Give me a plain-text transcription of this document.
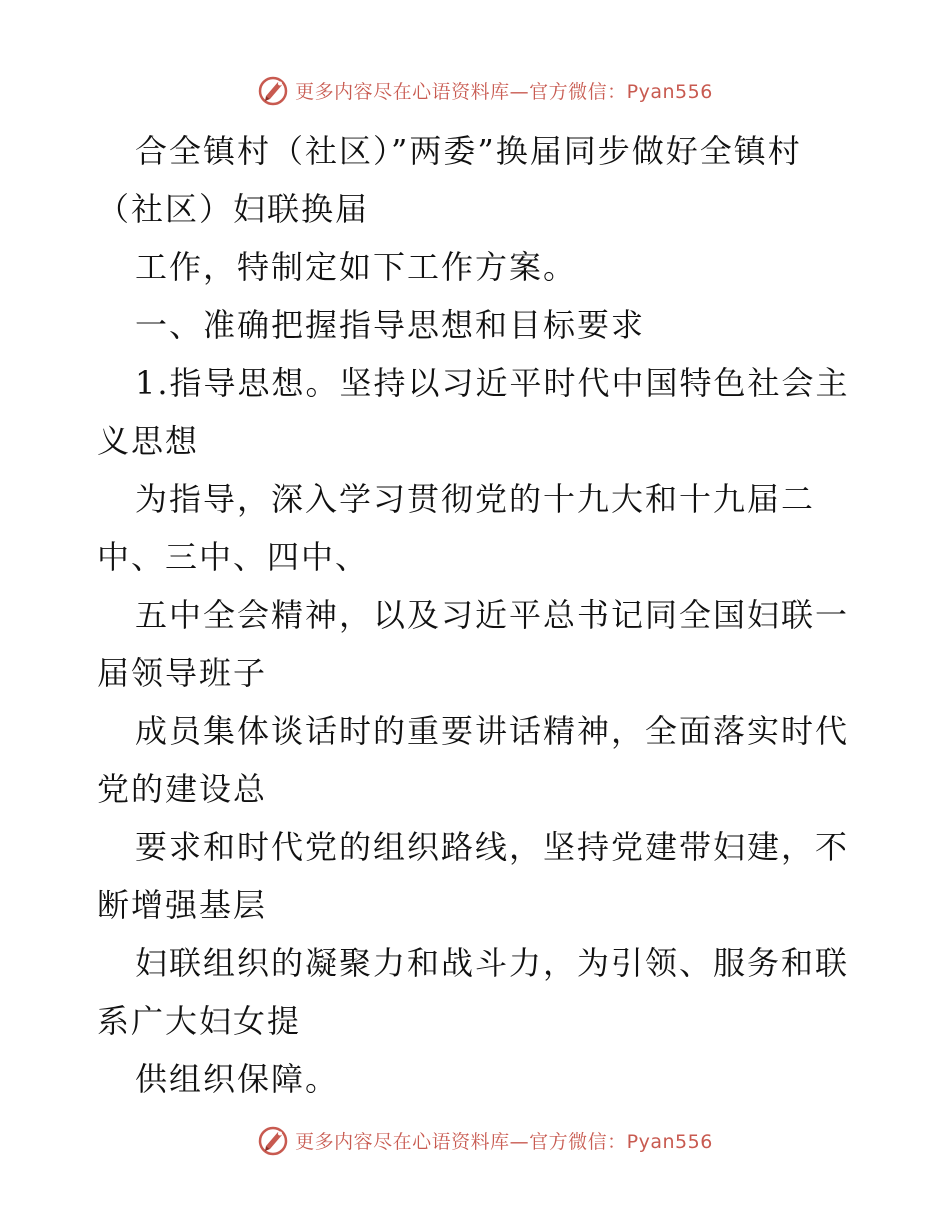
更多内容尽在心语资料库—官方微信：Pyan556
合全镇村（社区）”两委”换届同步做好全镇村
（社区）妇联换届
工作，特制定如下工作方案。
一、准确把握指导思想和目标要求
1.指导思想。坚持以习近平时代中国特色社会主
义思想
为指导，深入学习贯彻党的十九大和十九届二
中、三中、四中、
五中全会精神，以及习近平总书记同全国妇联一
届领导班子
成员集体谈话时的重要讲话精神，全面落实时代
党的建设总
要求和时代党的组织路线，坚持党建带妇建，不
断增强基层
妇联组织的凝聚力和战斗力，为引领、服务和联
系广大妇女提
供组织保障。
更多内容尽在心语资料库—官方微信：Pyan556
